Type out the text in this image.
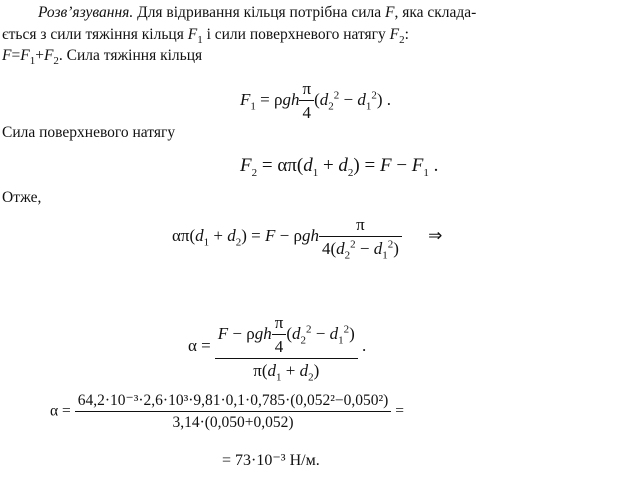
Розв’язування. Для відривання кільця потрібна сила F, яка склада-
ється з сили тяжіння кільця $F_1$ і сили поверхневого натягу $F_2$:
$F=F_1+F_2$. Сила тяжіння кільця
$F_1 = \rho gh \frac{\pi}{4} (d_2^2 - d_1^2)$ .
Сила поверхневого натягу
$F_2 = \alpha\pi(d_1 + d_2) = F - F_1$ .
Отже,
$\alpha\pi(d_1 + d_2) = F - \rho gh \frac{\pi}{4(d_2^2 - d_1^2)}$ ⇒
$\alpha = \frac{F - \rho gh \frac{\pi}{4} (d_2^2 - d_1^2)}{\pi(d_1 + d_2)}$ .
$\alpha = \frac{\text{64,2·10⁻³·2,6·10³·9,81·0,1·0,785·(0,052²−0,050²)}}{3,14\cdot(0,050+0,052)}$ =
= 73·10⁻³ Н/м.
